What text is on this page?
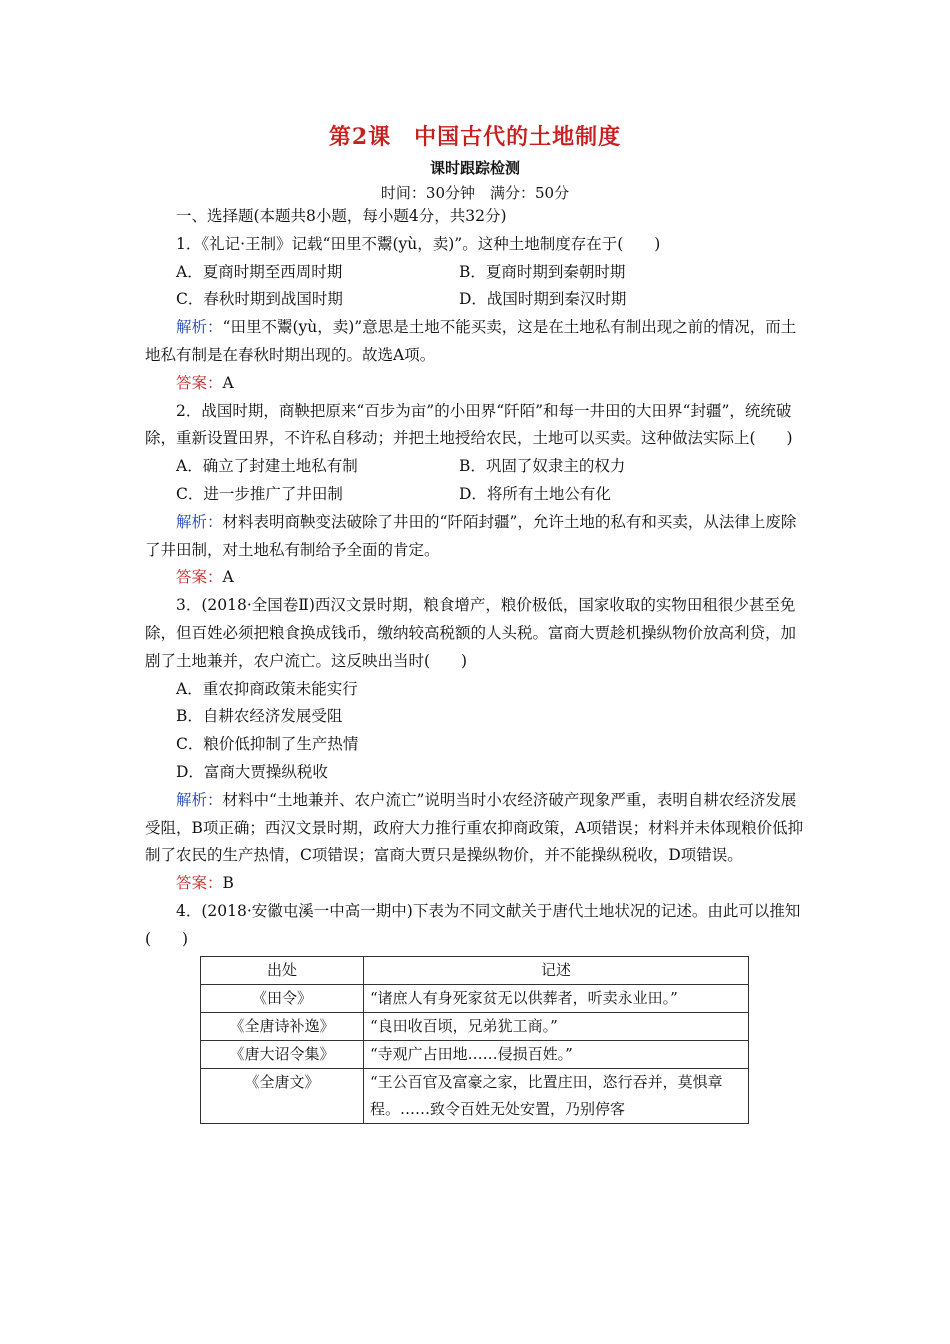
第2课　中国古代的土地制度
课时跟踪检测
时间：30分钟　满分：50分

一、选择题(本题共8小题，每小题4分，共32分)

1．《礼记·王制》记载“田里不鬻(yù，卖)”。这种土地制度存在于(　　)

A．夏商时期至西周时期	B．夏商时期到秦朝时期
C．春秋时期到战国时期	D．战国时期到秦汉时期

解析：“田里不鬻(yù，卖)”意思是土地不能买卖，这是在土地私有制出现之前的情况，而土地私有制是在春秋时期出现的。故选A项。

答案：A

2．战国时期，商鞅把原来“百步为亩”的小田界“阡陌”和每一井田的大田界“封疆”，统统破除，重新设置田界，不许私自移动；并把土地授给农民，土地可以买卖。这种做法实际上(　　)

A．确立了封建土地私有制	B．巩固了奴隶主的权力
C．进一步推广了井田制	D．将所有土地公有化

解析：材料表明商鞅变法破除了井田的“阡陌封疆”，允许土地的私有和买卖，从法律上废除了井田制，对土地私有制给予全面的肯定。

答案：A

3．(2018·全国卷Ⅱ)西汉文景时期，粮食增产，粮价极低，国家收取的实物田租很少甚至免除，但百姓必须把粮食换成钱币，缴纳较高税额的人头税。富商大贾趁机操纵物价放高利贷，加剧了土地兼并，农户流亡。这反映出当时(　　)

A．重农抑商政策未能实行
B．自耕农经济发展受阻
C．粮价低抑制了生产热情
D．富商大贾操纵税收

解析：材料中“土地兼并、农户流亡”说明当时小农经济破产现象严重，表明自耕农经济发展受阻，B项正确；西汉文景时期，政府大力推行重农抑商政策，A项错误；材料并未体现粮价低抑制了农民的生产热情，C项错误；富商大贾只是操纵物价，并不能操纵税收，D项错误。

答案：B

4．(2018·安徽屯溪一中高一期中)下表为不同文献关于唐代土地状况的记述。由此可以推知(　　)

出处	记述
《田令》	“诸庶人有身死家贫无以供葬者，听卖永业田。”
《全唐诗补逸》	“良田收百顷，兄弟犹工商。”
《唐大诏令集》	“寺观广占田地……侵损百姓。”
《全唐文》	“王公百官及富豪之家，比置庄田，恣行吞并，莫惧章程。……致令百姓无处安置，乃别停客
